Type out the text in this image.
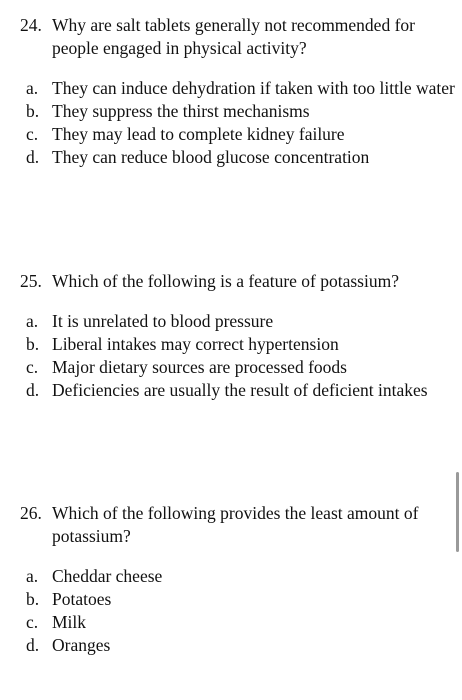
24. Why are salt tablets generally not recommended for people engaged in physical activity?
a. They can induce dehydration if taken with too little water
b. They suppress the thirst mechanisms
c. They may lead to complete kidney failure
d. They can reduce blood glucose concentration
25. Which of the following is a feature of potassium?
a. It is unrelated to blood pressure
b. Liberal intakes may correct hypertension
c. Major dietary sources are processed foods
d. Deficiencies are usually the result of deficient intakes
26. Which of the following provides the least amount of potassium?
a. Cheddar cheese
b. Potatoes
c. Milk
d. Oranges
